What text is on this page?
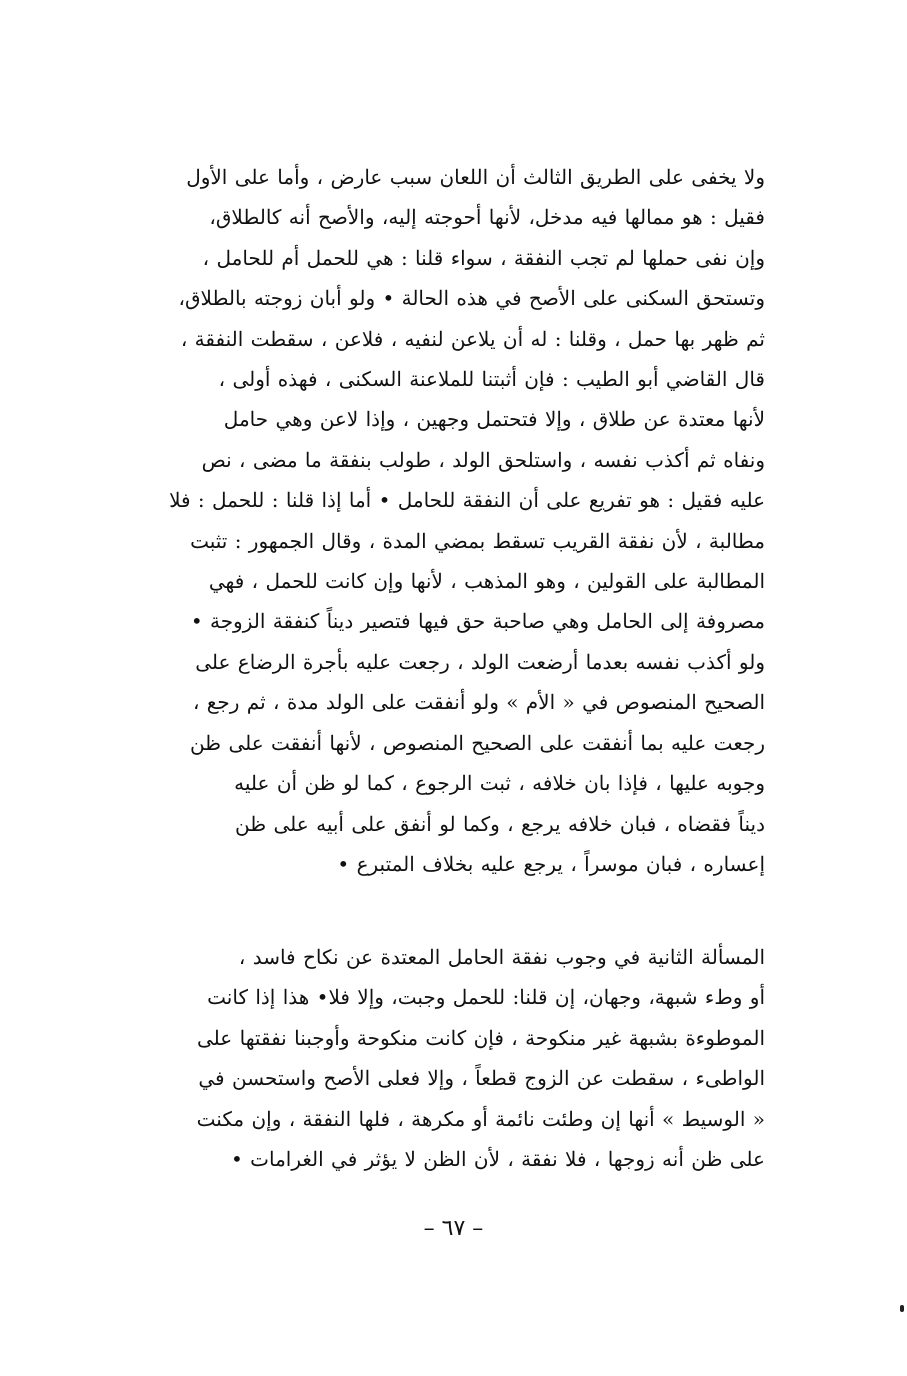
ولا يخفى على الطريق الثالث أن اللعان سبب عارض ، وأما على الأول
فقيل : هو ممالها فيه مدخل، لأنها أحوجته إليه، والأصح أنه كالطلاق،
وإن نفى حملها لم تجب النفقة ، سواء قلنا : هي للحمل أم للحامل ،
وتستحق السكنى على الأصح في هذه الحالة • ولو أبان زوجته بالطلاق،
ثم ظهر بها حمل ، وقلنا : له أن يلاعن لنفيه ، فلاعن ، سقطت النفقة ،
قال القاضي أبو الطيب : فإن أثبتنا للملاعنة السكنى ، فهذه أولى ،
لأنها معتدة عن طلاق ، وإلا فتحتمل وجهين ، وإذا لاعن وهي حامل
ونفاه ثم أكذب نفسه ، واستلحق الولد ، طولب بنفقة ما مضى ، نص
عليه فقيل : هو تفريع على أن النفقة للحامل • أما إذا قلنا : للحمل : فلا
مطالبة ، لأن نفقة القريب تسقط بمضي المدة ، وقال الجمهور : تثبت
المطالبة على القولين ، وهو المذهب ، لأنها وإن كانت للحمل ، فهي
مصروفة إلى الحامل وهي صاحبة حق فيها فتصير ديناً كنفقة الزوجة •
ولو أكذب نفسه بعدما أرضعت الولد ، رجعت عليه بأجرة الرضاع على
الصحيح المنصوص في « الأم » ولو أنفقت على الولد مدة ، ثم رجع ،
رجعت عليه بما أنفقت على الصحيح المنصوص ، لأنها أنفقت على ظن
وجوبه عليها ، فإذا بان خلافه ، ثبت الرجوع ، كما لو ظن أن عليه
ديناً فقضاه ، فبان خلافه يرجع ، وكما لو أنفق على أبيه على ظن
إعساره ، فبان موسراً ، يرجع عليه بخلاف المتبرع •
المسألة الثانية في وجوب نفقة الحامل المعتدة عن نكاح فاسد ،
أو وطء شبهة، وجهان، إن قلنا: للحمل وجبت، وإلا فلا• هذا إذا كانت
الموطوءة بشبهة غير منكوحة ، فإن كانت منكوحة وأوجبنا نفقتها على
الواطىء ، سقطت عن الزوج قطعاً ، وإلا فعلى الأصح واستحسن في
« الوسيط » أنها إن وطئت نائمة أو مكرهة ، فلها النفقة ، وإن مكنت
على ظن أنه زوجها ، فلا نفقة ، لأن الظن لا يؤثر في الغرامات •
– ٦٧ –
